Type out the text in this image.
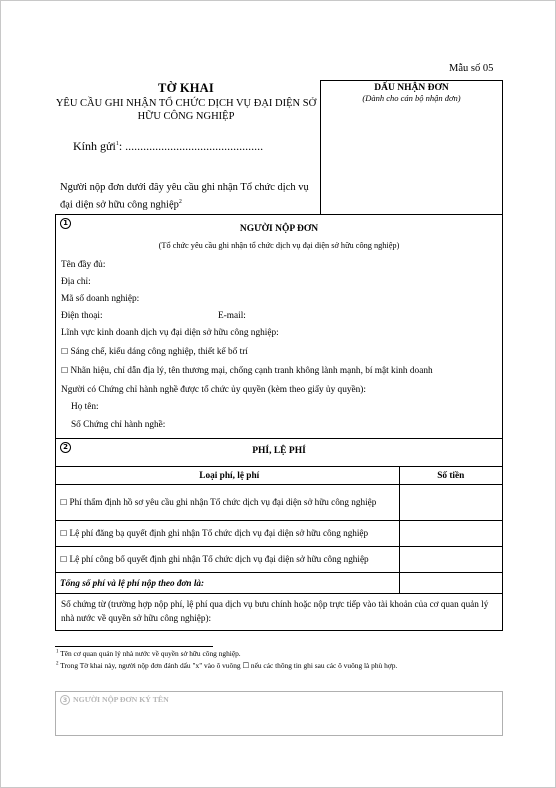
Mẫu số 05
TỜ KHAI
YÊU CẦU GHI NHẬN TỔ CHỨC DỊCH VỤ ĐẠI DIỆN SỞ HỮU CÔNG NGHIỆP
DẤU NHẬN ĐƠN
(Dành cho cán bộ nhận đơn)
Kính gửi$^1$: ..............................................
Người nộp đơn dưới đây yêu cầu ghi nhận Tổ chức dịch vụ đại diện sở hữu công nghiệp$^2$
1
NGƯỜI NỘP ĐƠN
(Tổ chức yêu cầu ghi nhận tổ chức dịch vụ đại diện sở hữu công nghiệp)
Tên đầy đủ:
Địa chỉ:
Mã số doanh nghiệp:
Điện thoại:	E-mail:
Lĩnh vực kinh doanh dịch vụ đại diện sở hữu công nghiệp:
☐ Sáng chế, kiểu dáng công nghiệp, thiết kế bố trí
☐ Nhãn hiệu, chỉ dẫn địa lý, tên thương mại, chống cạnh tranh không lành mạnh, bí mật kinh doanh
Người có Chứng chỉ hành nghề được tổ chức ủy quyền (kèm theo giấy ủy quyền):
Họ tên:
Số Chứng chỉ hành nghề:
2	PHÍ, LỆ PHÍ
Loại phí, lệ phí	Số tiền
☐ Phí thẩm định hồ sơ yêu cầu ghi nhận Tổ chức dịch vụ đại diện sở hữu công nghiệp	
☐ Lệ phí đăng bạ quyết định ghi nhận Tổ chức dịch vụ đại diện sở hữu công nghiệp	
☐ Lệ phí công bố quyết định ghi nhận Tổ chức dịch vụ đại diện sở hữu công nghiệp	
Tổng số phí và lệ phí nộp theo đơn là:	
Số chứng từ (trường hợp nộp phí, lệ phí qua dịch vụ bưu chính hoặc nộp trực tiếp vào tài khoản của cơ quan quản lý nhà nước về quyền sở hữu công nghiệp):
$^1$ Tên cơ quan quản lý nhà nước về quyền sở hữu công nghiệp.
$^2$ Trong Tờ khai này, người nộp đơn đánh dấu "x" vào ô vuông ☐ nếu các thông tin ghi sau các ô vuông là phù hợp.
3 NGƯỜI NỘP ĐƠN KÝ TÊN
